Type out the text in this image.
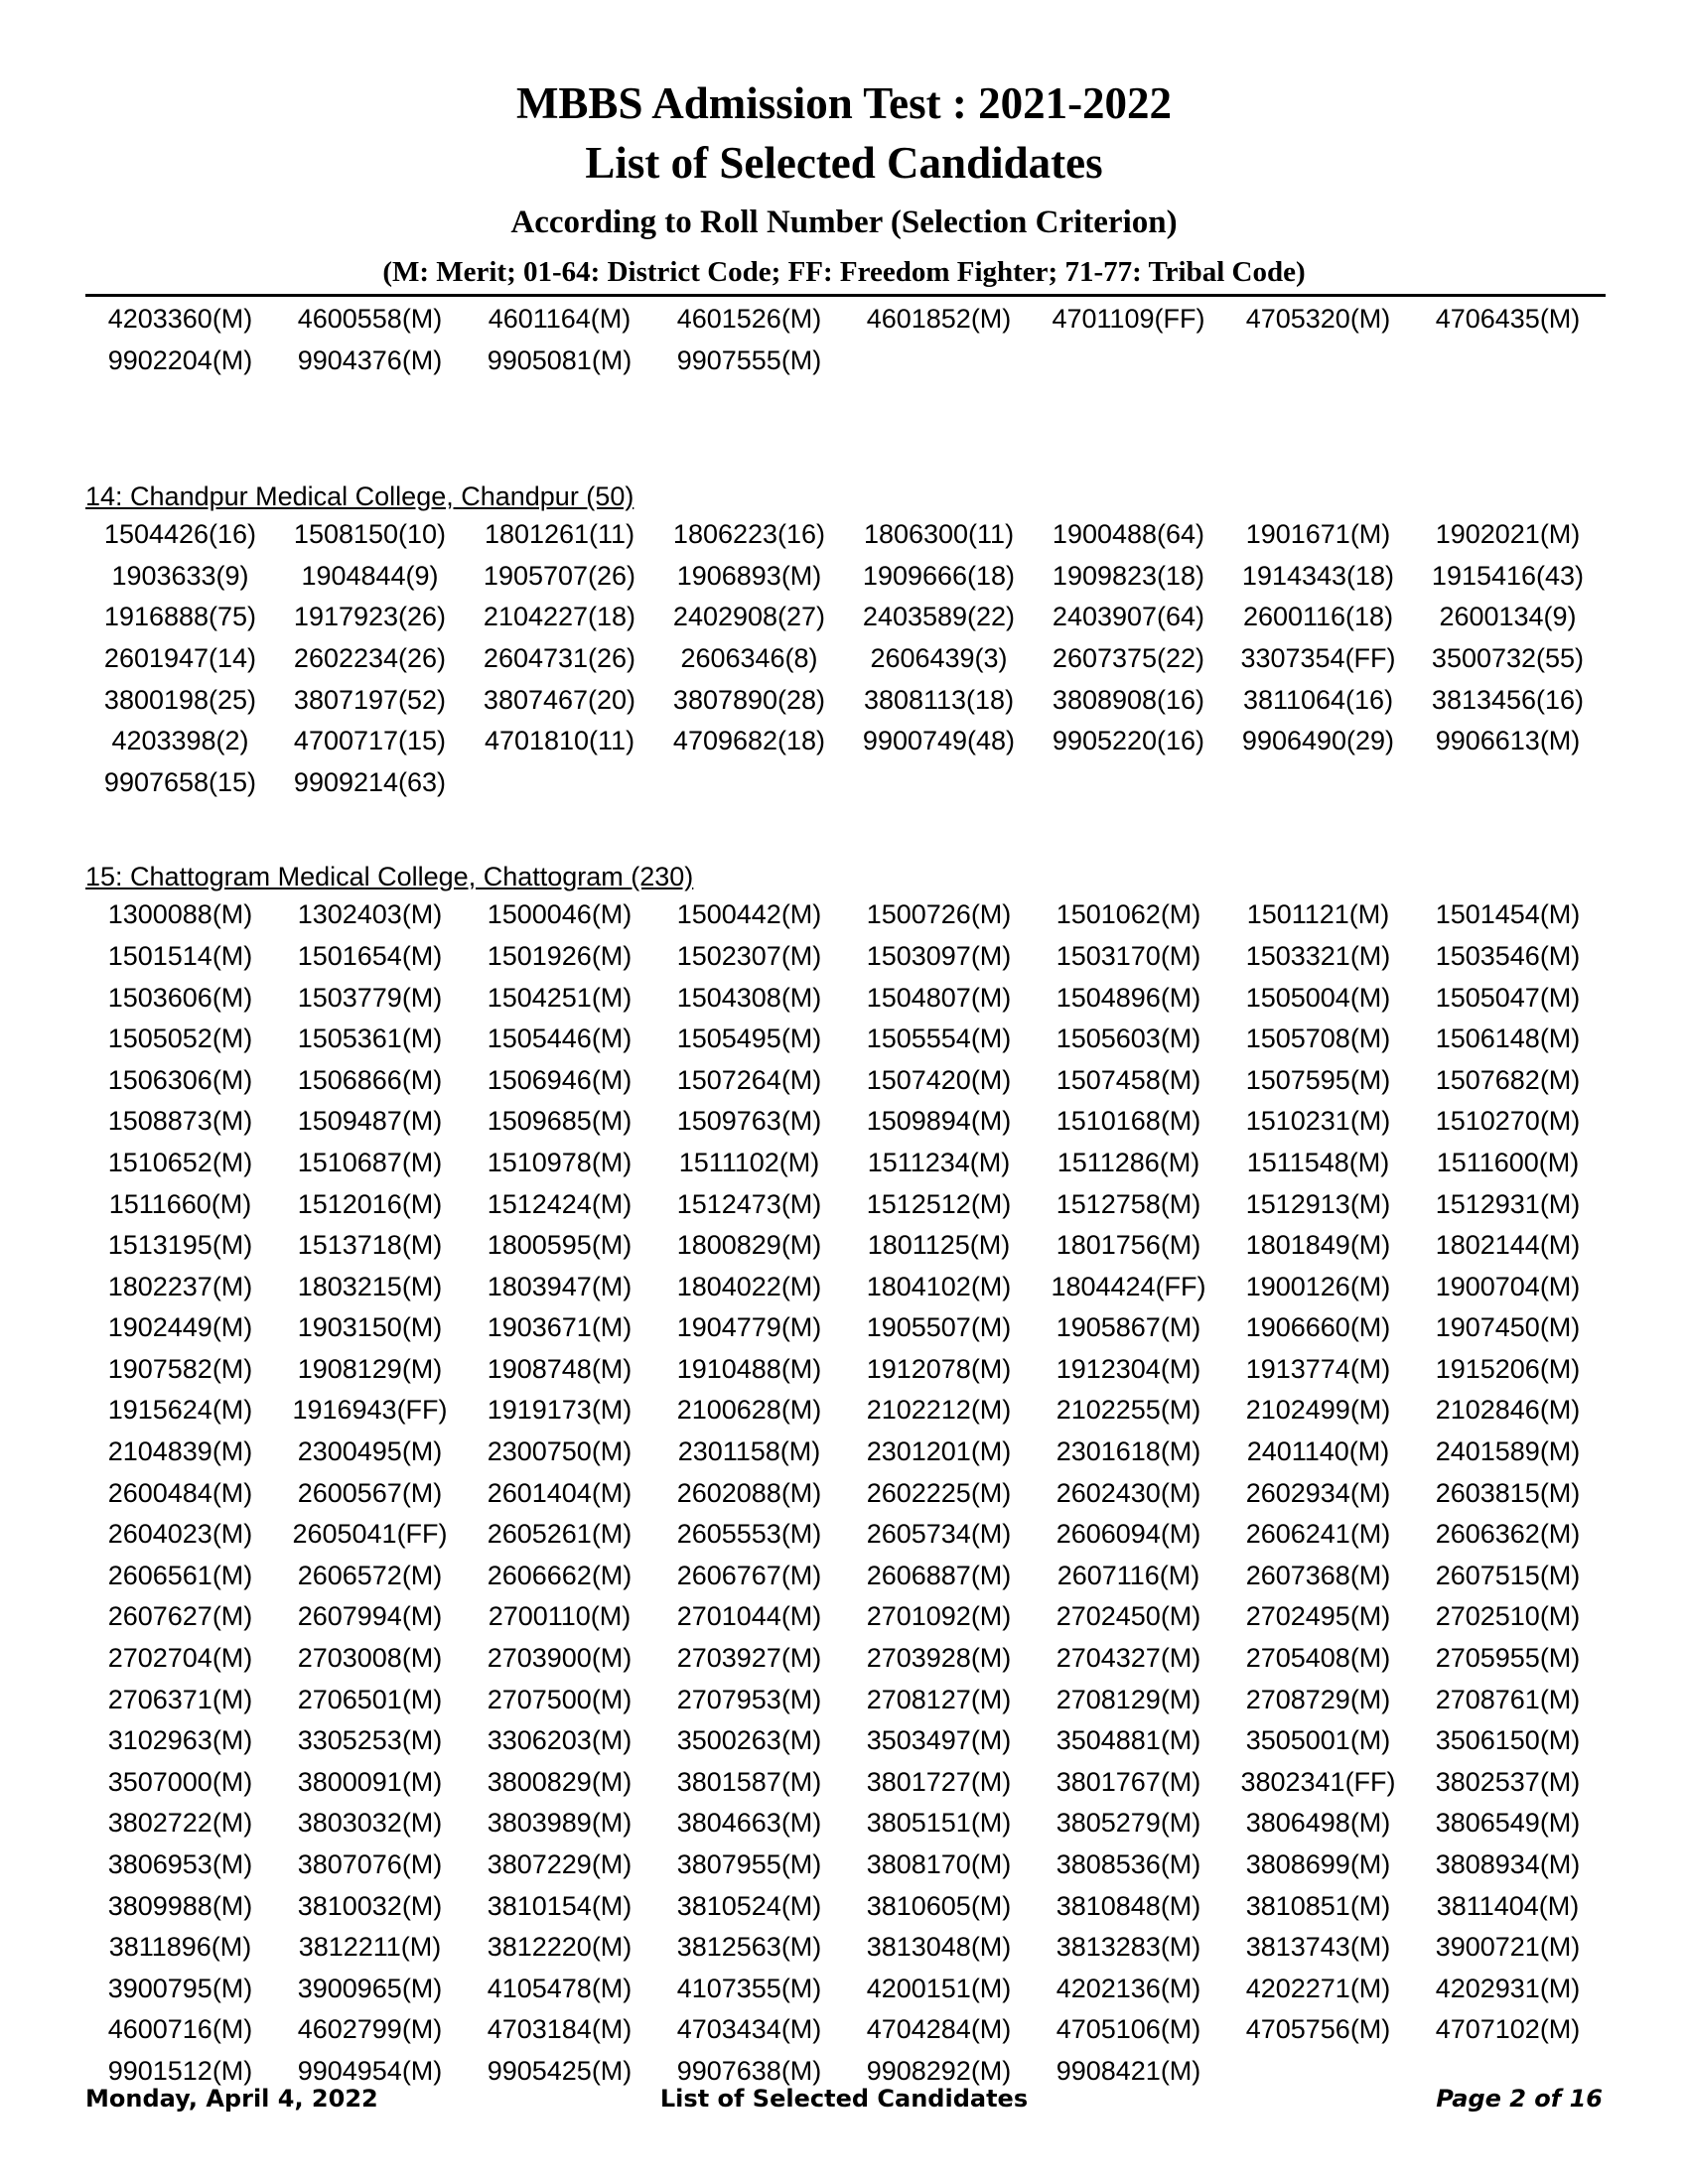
MBBS Admission Test : 2021-2022
List of Selected Candidates
According to Roll Number (Selection Criterion)
(M: Merit; 01-64: District Code; FF: Freedom Fighter; 71-77: Tribal Code)
4203360(M)	4600558(M)	4601164(M)	4601526(M)	4601852(M)	4701109(FF)	4705320(M)	4706435(M)
9902204(M)	9904376(M)	9905081(M)	9907555(M)
14: Chandpur Medical College, Chandpur (50)
1504426(16)	1508150(10)	1801261(11)	1806223(16)	1806300(11)	1900488(64)	1901671(M)	1902021(M)
1903633(9)	1904844(9)	1905707(26)	1906893(M)	1909666(18)	1909823(18)	1914343(18)	1915416(43)
1916888(75)	1917923(26)	2104227(18)	2402908(27)	2403589(22)	2403907(64)	2600116(18)	2600134(9)
2601947(14)	2602234(26)	2604731(26)	2606346(8)	2606439(3)	2607375(22)	3307354(FF)	3500732(55)
3800198(25)	3807197(52)	3807467(20)	3807890(28)	3808113(18)	3808908(16)	3811064(16)	3813456(16)
4203398(2)	4700717(15)	4701810(11)	4709682(18)	9900749(48)	9905220(16)	9906490(29)	9906613(M)
9907658(15)	9909214(63)
15: Chattogram Medical College, Chattogram (230)
1300088(M)	1302403(M)	1500046(M)	1500442(M)	1500726(M)	1501062(M)	1501121(M)	1501454(M)
1501514(M)	1501654(M)	1501926(M)	1502307(M)	1503097(M)	1503170(M)	1503321(M)	1503546(M)
1503606(M)	1503779(M)	1504251(M)	1504308(M)	1504807(M)	1504896(M)	1505004(M)	1505047(M)
1505052(M)	1505361(M)	1505446(M)	1505495(M)	1505554(M)	1505603(M)	1505708(M)	1506148(M)
1506306(M)	1506866(M)	1506946(M)	1507264(M)	1507420(M)	1507458(M)	1507595(M)	1507682(M)
1508873(M)	1509487(M)	1509685(M)	1509763(M)	1509894(M)	1510168(M)	1510231(M)	1510270(M)
1510652(M)	1510687(M)	1510978(M)	1511102(M)	1511234(M)	1511286(M)	1511548(M)	1511600(M)
1511660(M)	1512016(M)	1512424(M)	1512473(M)	1512512(M)	1512758(M)	1512913(M)	1512931(M)
1513195(M)	1513718(M)	1800595(M)	1800829(M)	1801125(M)	1801756(M)	1801849(M)	1802144(M)
1802237(M)	1803215(M)	1803947(M)	1804022(M)	1804102(M)	1804424(FF)	1900126(M)	1900704(M)
1902449(M)	1903150(M)	1903671(M)	1904779(M)	1905507(M)	1905867(M)	1906660(M)	1907450(M)
1907582(M)	1908129(M)	1908748(M)	1910488(M)	1912078(M)	1912304(M)	1913774(M)	1915206(M)
1915624(M)	1916943(FF)	1919173(M)	2100628(M)	2102212(M)	2102255(M)	2102499(M)	2102846(M)
2104839(M)	2300495(M)	2300750(M)	2301158(M)	2301201(M)	2301618(M)	2401140(M)	2401589(M)
2600484(M)	2600567(M)	2601404(M)	2602088(M)	2602225(M)	2602430(M)	2602934(M)	2603815(M)
2604023(M)	2605041(FF)	2605261(M)	2605553(M)	2605734(M)	2606094(M)	2606241(M)	2606362(M)
2606561(M)	2606572(M)	2606662(M)	2606767(M)	2606887(M)	2607116(M)	2607368(M)	2607515(M)
2607627(M)	2607994(M)	2700110(M)	2701044(M)	2701092(M)	2702450(M)	2702495(M)	2702510(M)
2702704(M)	2703008(M)	2703900(M)	2703927(M)	2703928(M)	2704327(M)	2705408(M)	2705955(M)
2706371(M)	2706501(M)	2707500(M)	2707953(M)	2708127(M)	2708129(M)	2708729(M)	2708761(M)
3102963(M)	3305253(M)	3306203(M)	3500263(M)	3503497(M)	3504881(M)	3505001(M)	3506150(M)
3507000(M)	3800091(M)	3800829(M)	3801587(M)	3801727(M)	3801767(M)	3802341(FF)	3802537(M)
3802722(M)	3803032(M)	3803989(M)	3804663(M)	3805151(M)	3805279(M)	3806498(M)	3806549(M)
3806953(M)	3807076(M)	3807229(M)	3807955(M)	3808170(M)	3808536(M)	3808699(M)	3808934(M)
3809988(M)	3810032(M)	3810154(M)	3810524(M)	3810605(M)	3810848(M)	3810851(M)	3811404(M)
3811896(M)	3812211(M)	3812220(M)	3812563(M)	3813048(M)	3813283(M)	3813743(M)	3900721(M)
3900795(M)	3900965(M)	4105478(M)	4107355(M)	4200151(M)	4202136(M)	4202271(M)	4202931(M)
4600716(M)	4602799(M)	4703184(M)	4703434(M)	4704284(M)	4705106(M)	4705756(M)	4707102(M)
9901512(M)	9904954(M)	9905425(M)	9907638(M)	9908292(M)	9908421(M)
Monday, April 4, 2022	List of Selected Candidates	Page 2 of 16
